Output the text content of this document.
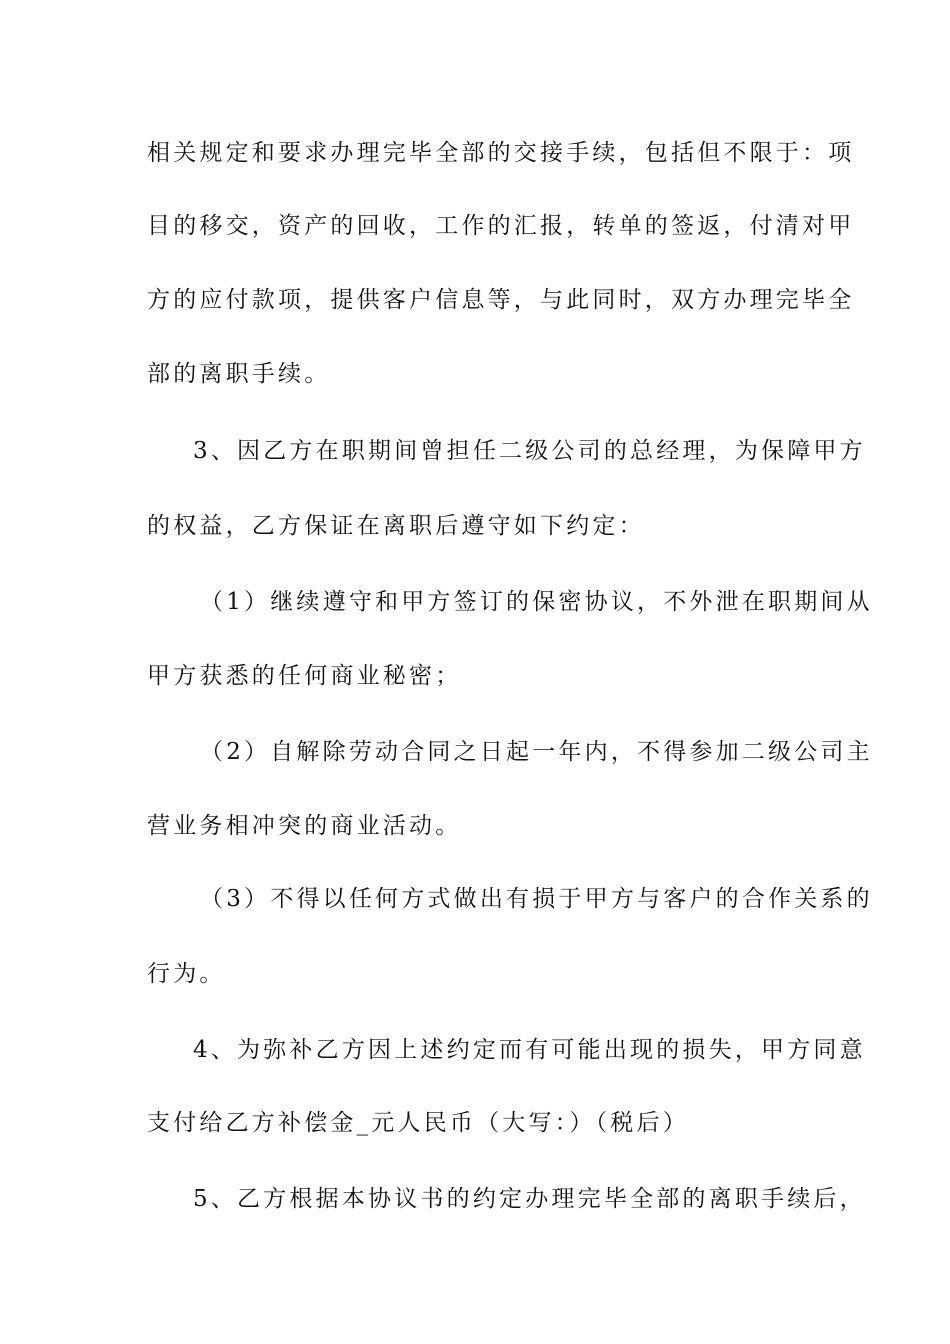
相关规定和要求办理完毕全部的交接手续，包括但不限于：项
目的移交，资产的回收，工作的汇报，转单的签返，付清对甲
方的应付款项，提供客户信息等，与此同时，双方办理完毕全
部的离职手续。
3、因乙方在职期间曾担任二级公司的总经理，为保障甲方
的权益，乙方保证在离职后遵守如下约定：
（1）继续遵守和甲方签订的保密协议，不外泄在职期间从
甲方获悉的任何商业秘密；
（2）自解除劳动合同之日起一年内，不得参加二级公司主
营业务相冲突的商业活动。
（3）不得以任何方式做出有损于甲方与客户的合作关系的
行为。
4、为弥补乙方因上述约定而有可能出现的损失，甲方同意
支付给乙方补偿金_元人民币（大写：）（税后）
5、乙方根据本协议书的约定办理完毕全部的离职手续后，
